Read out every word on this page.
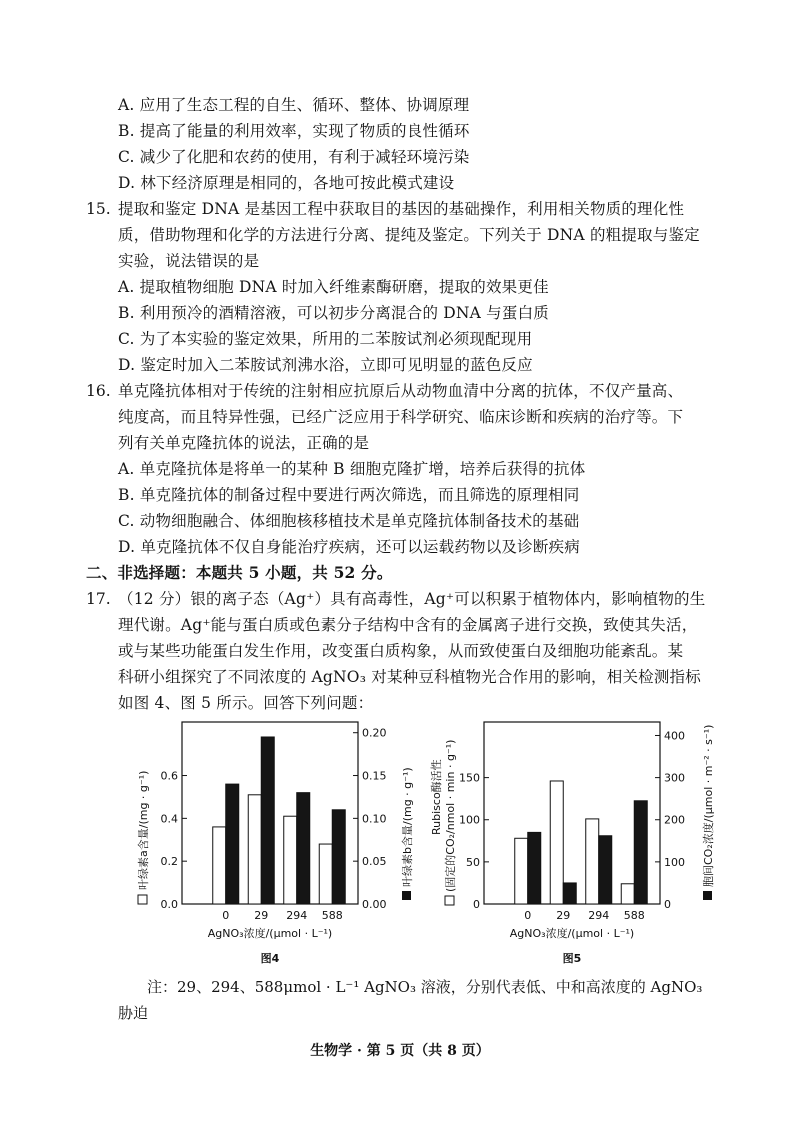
A. 应用了生态工程的自生、循环、整体、协调原理
B. 提高了能量的利用效率，实现了物质的良性循环
C. 减少了化肥和农药的使用，有利于减轻环境污染
D. 林下经济原理是相同的，各地可按此模式建设
15. 提取和鉴定 DNA 是基因工程中获取目的基因的基础操作，利用相关物质的理化性
质，借助物理和化学的方法进行分离、提纯及鉴定。下列关于 DNA 的粗提取与鉴定
实验，说法错误的是
A. 提取植物细胞 DNA 时加入纤维素酶研磨，提取的效果更佳
B. 利用预冷的酒精溶液，可以初步分离混合的 DNA 与蛋白质
C. 为了本实验的鉴定效果，所用的二苯胺试剂必须现配现用
D. 鉴定时加入二苯胺试剂沸水浴，立即可见明显的蓝色反应
16. 单克隆抗体相对于传统的注射相应抗原后从动物血清中分离的抗体，不仅产量高、
纯度高，而且特异性强，已经广泛应用于科学研究、临床诊断和疾病的治疗等。下
列有关单克隆抗体的说法，正确的是
A. 单克隆抗体是将单一的某种 B 细胞克隆扩增，培养后获得的抗体
B. 单克隆抗体的制备过程中要进行两次筛选，而且筛选的原理相同
C. 动物细胞融合、体细胞核移植技术是单克隆抗体制备技术的基础
D. 单克隆抗体不仅自身能治疗疾病，还可以运载药物以及诊断疾病
二、非选择题：本题共 5 小题，共 52 分。
17. （12 分）银的离子态（Ag⁺）具有高毒性，Ag⁺可以积累于植物体内，影响植物的生
理代谢。Ag⁺能与蛋白质或色素分子结构中含有的金属离子进行交换，致使其失活，
或与某些功能蛋白发生作用，改变蛋白质构象，从而致使蛋白及细胞功能紊乱。某
科研小组探究了不同浓度的 AgNO₃ 对某种豆科植物光合作用的影响，相关检测指标
如图 4、图 5 所示。回答下列问题：
0 29 294 588
0.0
0.2
0.4
0.6
0.00
0.05
0.10
0.15
0.20
叶绿素a含量/(mg · g⁻¹)	叶绿素b含量/(mg · g⁻¹)
AgNO₃浓度/(μmol · L⁻¹)
图4
0 29 294 588
0
50
100
150
0
100
200
300
400
Rubisco酶活性 (固定的CO₂/nmol · min · g⁻¹)	胞间CO₂浓度/(μmol · m⁻² · s⁻¹)
AgNO₃浓度/(μmol · L⁻¹)
图5
注：29、294、588μmol · L⁻¹ AgNO₃ 溶液，分别代表低、中和高浓度的 AgNO₃
胁迫
生物学 · 第 5 页（共 8 页）
